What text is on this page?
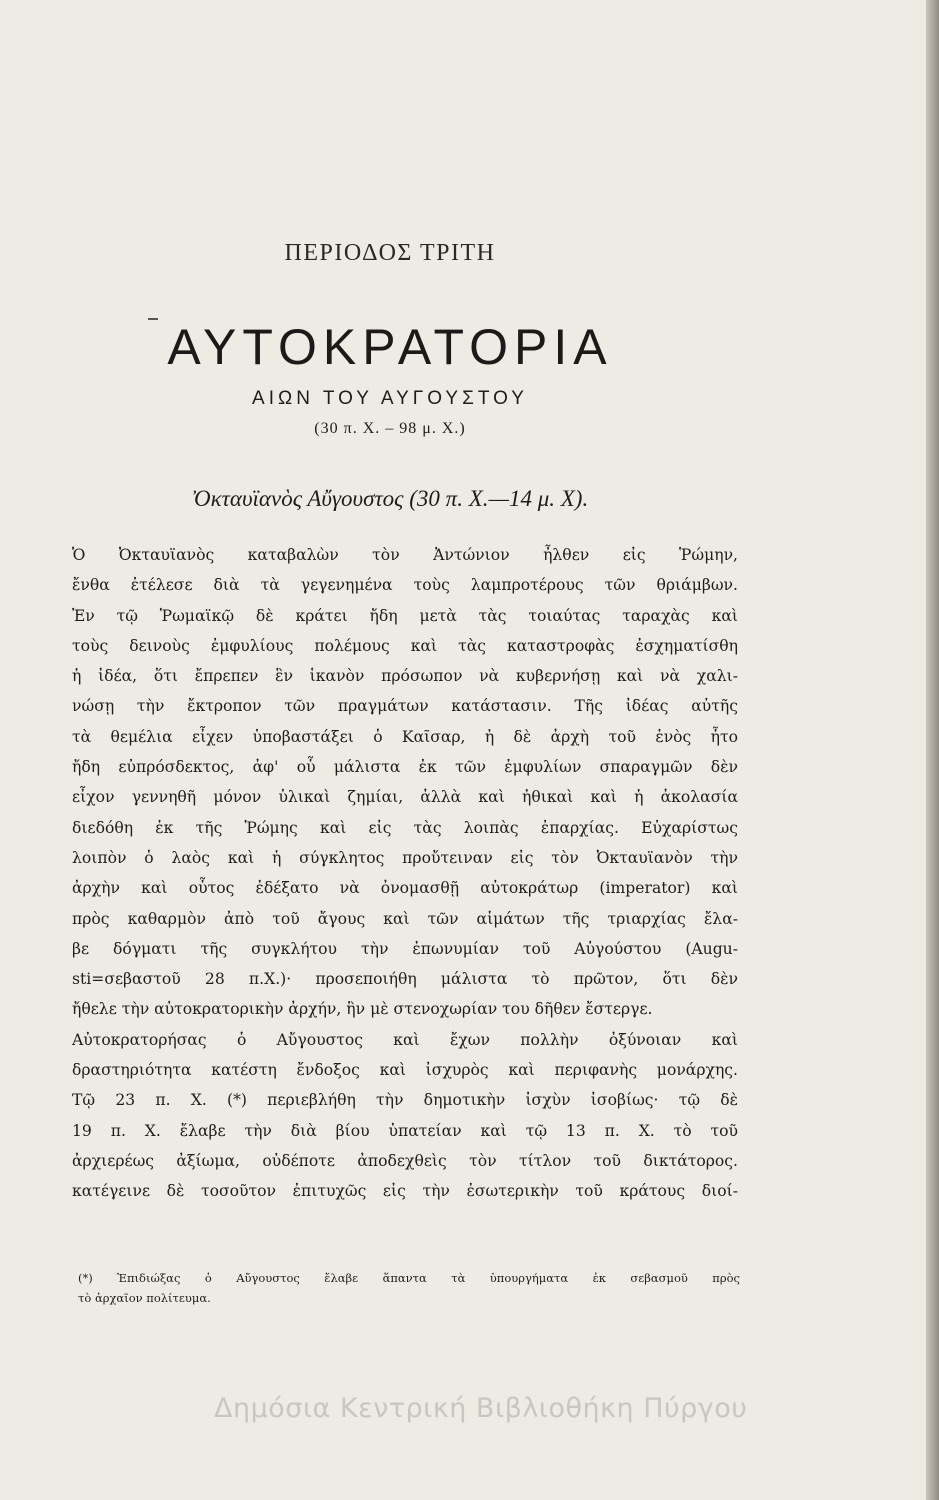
ΠΕΡΙΟΔΟΣ ΤΡΙΤΗ
ΑΥΤΟΚΡΑΤΟΡΙΑ
ΑΙΩΝ ΤΟΥ ΑΥΓΟΥΣΤΟΥ
(30 π. Χ. – 98 μ. Χ.)
Ὀκταυϊανὸς Αὔγουστος (30 π. Χ.—14 μ. Χ).
Ὁ Ὀκταυϊανὸς καταβαλὼν τὸν Ἀντώνιον ἦλθεν εἰς Ῥώμην,
ἔνθα ἐτέλεσε διὰ τὰ γεγενημένα τοὺς λαμπροτέρους τῶν θριάμβων.
Ἐν τῷ Ῥωμαϊκῷ δὲ κράτει ἤδη μετὰ τὰς τοιαύτας ταραχὰς καὶ
τοὺς δεινοὺς ἐμφυλίους πολέμους καὶ τὰς καταστροφὰς ἐσχηματίσθη
ἡ ἰδέα, ὅτι ἔπρεπεν ἓν ἱκανὸν πρόσωπον νὰ κυβερνήσῃ καὶ νὰ χαλι-
νώσῃ τὴν ἔκτροπον τῶν πραγμάτων κατάστασιν. Τῆς ἰδέας αὐτῆς
τὰ θεμέλια εἶχεν ὑποβαστάξει ὁ Καῖσαρ, ἡ δὲ ἀρχὴ τοῦ ἑνὸς ἦτο
ἤδη εὐπρόσδεκτος, ἀφ' οὗ μάλιστα ἐκ τῶν ἐμφυλίων σπαραγμῶν δὲν
εἶχον γεννηθῆ μόνον ὑλικαὶ ζημίαι, ἀλλὰ καὶ ἠθικαὶ καὶ ἡ ἀκολασία
διεδόθη ἐκ τῆς Ῥώμης καὶ εἰς τὰς λοιπὰς ἐπαρχίας. Εὐχαρίστως
λοιπὸν ὁ λαὸς καὶ ἡ σύγκλητος προὔτειναν εἰς τὸν Ὀκταυϊανὸν τὴν
ἀρχὴν καὶ οὗτος ἐδέξατο νὰ ὀνομασθῇ αὐτοκράτωρ (imperator) καὶ
πρὸς καθαρμὸν ἀπὸ τοῦ ἄγους καὶ τῶν αἱμάτων τῆς τριαρχίας ἔλα-
βε δόγματι τῆς συγκλήτου τὴν ἐπωνυμίαν τοῦ Αὐγούστου (Augu-
sti=σεβαστοῦ 28 π.Χ.)· προσεποιήθη μάλιστα τὸ πρῶτον, ὅτι δὲν
ἤθελε τὴν αὐτοκρατορικὴν ἀρχήν, ἣν μὲ στενοχωρίαν του δῆθεν ἔστεργε.
Αὐτοκρατορήσας ὁ Αὔγουστος καὶ ἔχων πολλὴν ὀξύνοιαν καὶ
δραστηριότητα κατέστη ἔνδοξος καὶ ἰσχυρὸς καὶ περιφανὴς μονάρχης.
Τῷ 23 π. Χ. (*) περιεβλήθη τὴν δημοτικὴν ἰσχὺν ἰσοβίως· τῷ δὲ
19 π. Χ. ἔλαβε τὴν διὰ βίου ὑπατείαν καὶ τῷ 13 π. Χ. τὸ τοῦ
ἀρχιερέως ἀξίωμα, οὐδέποτε ἀποδεχθεὶς τὸν τίτλον τοῦ δικτάτορος.
κατέγεινε δὲ τοσοῦτον ἐπιτυχῶς εἰς τὴν ἐσωτερικὴν τοῦ κράτους διοί-
(*) Ἐπιδιώξας ὁ Αὔγουστος ἔλαβε ἅπαντα τὰ ὑπουργήματα ἐκ σεβασμοῦ πρὸς
τὸ ἀρχαῖον πολίτευμα.
Δημόσια Κεντρική Βιβλιοθήκη Πύργου
